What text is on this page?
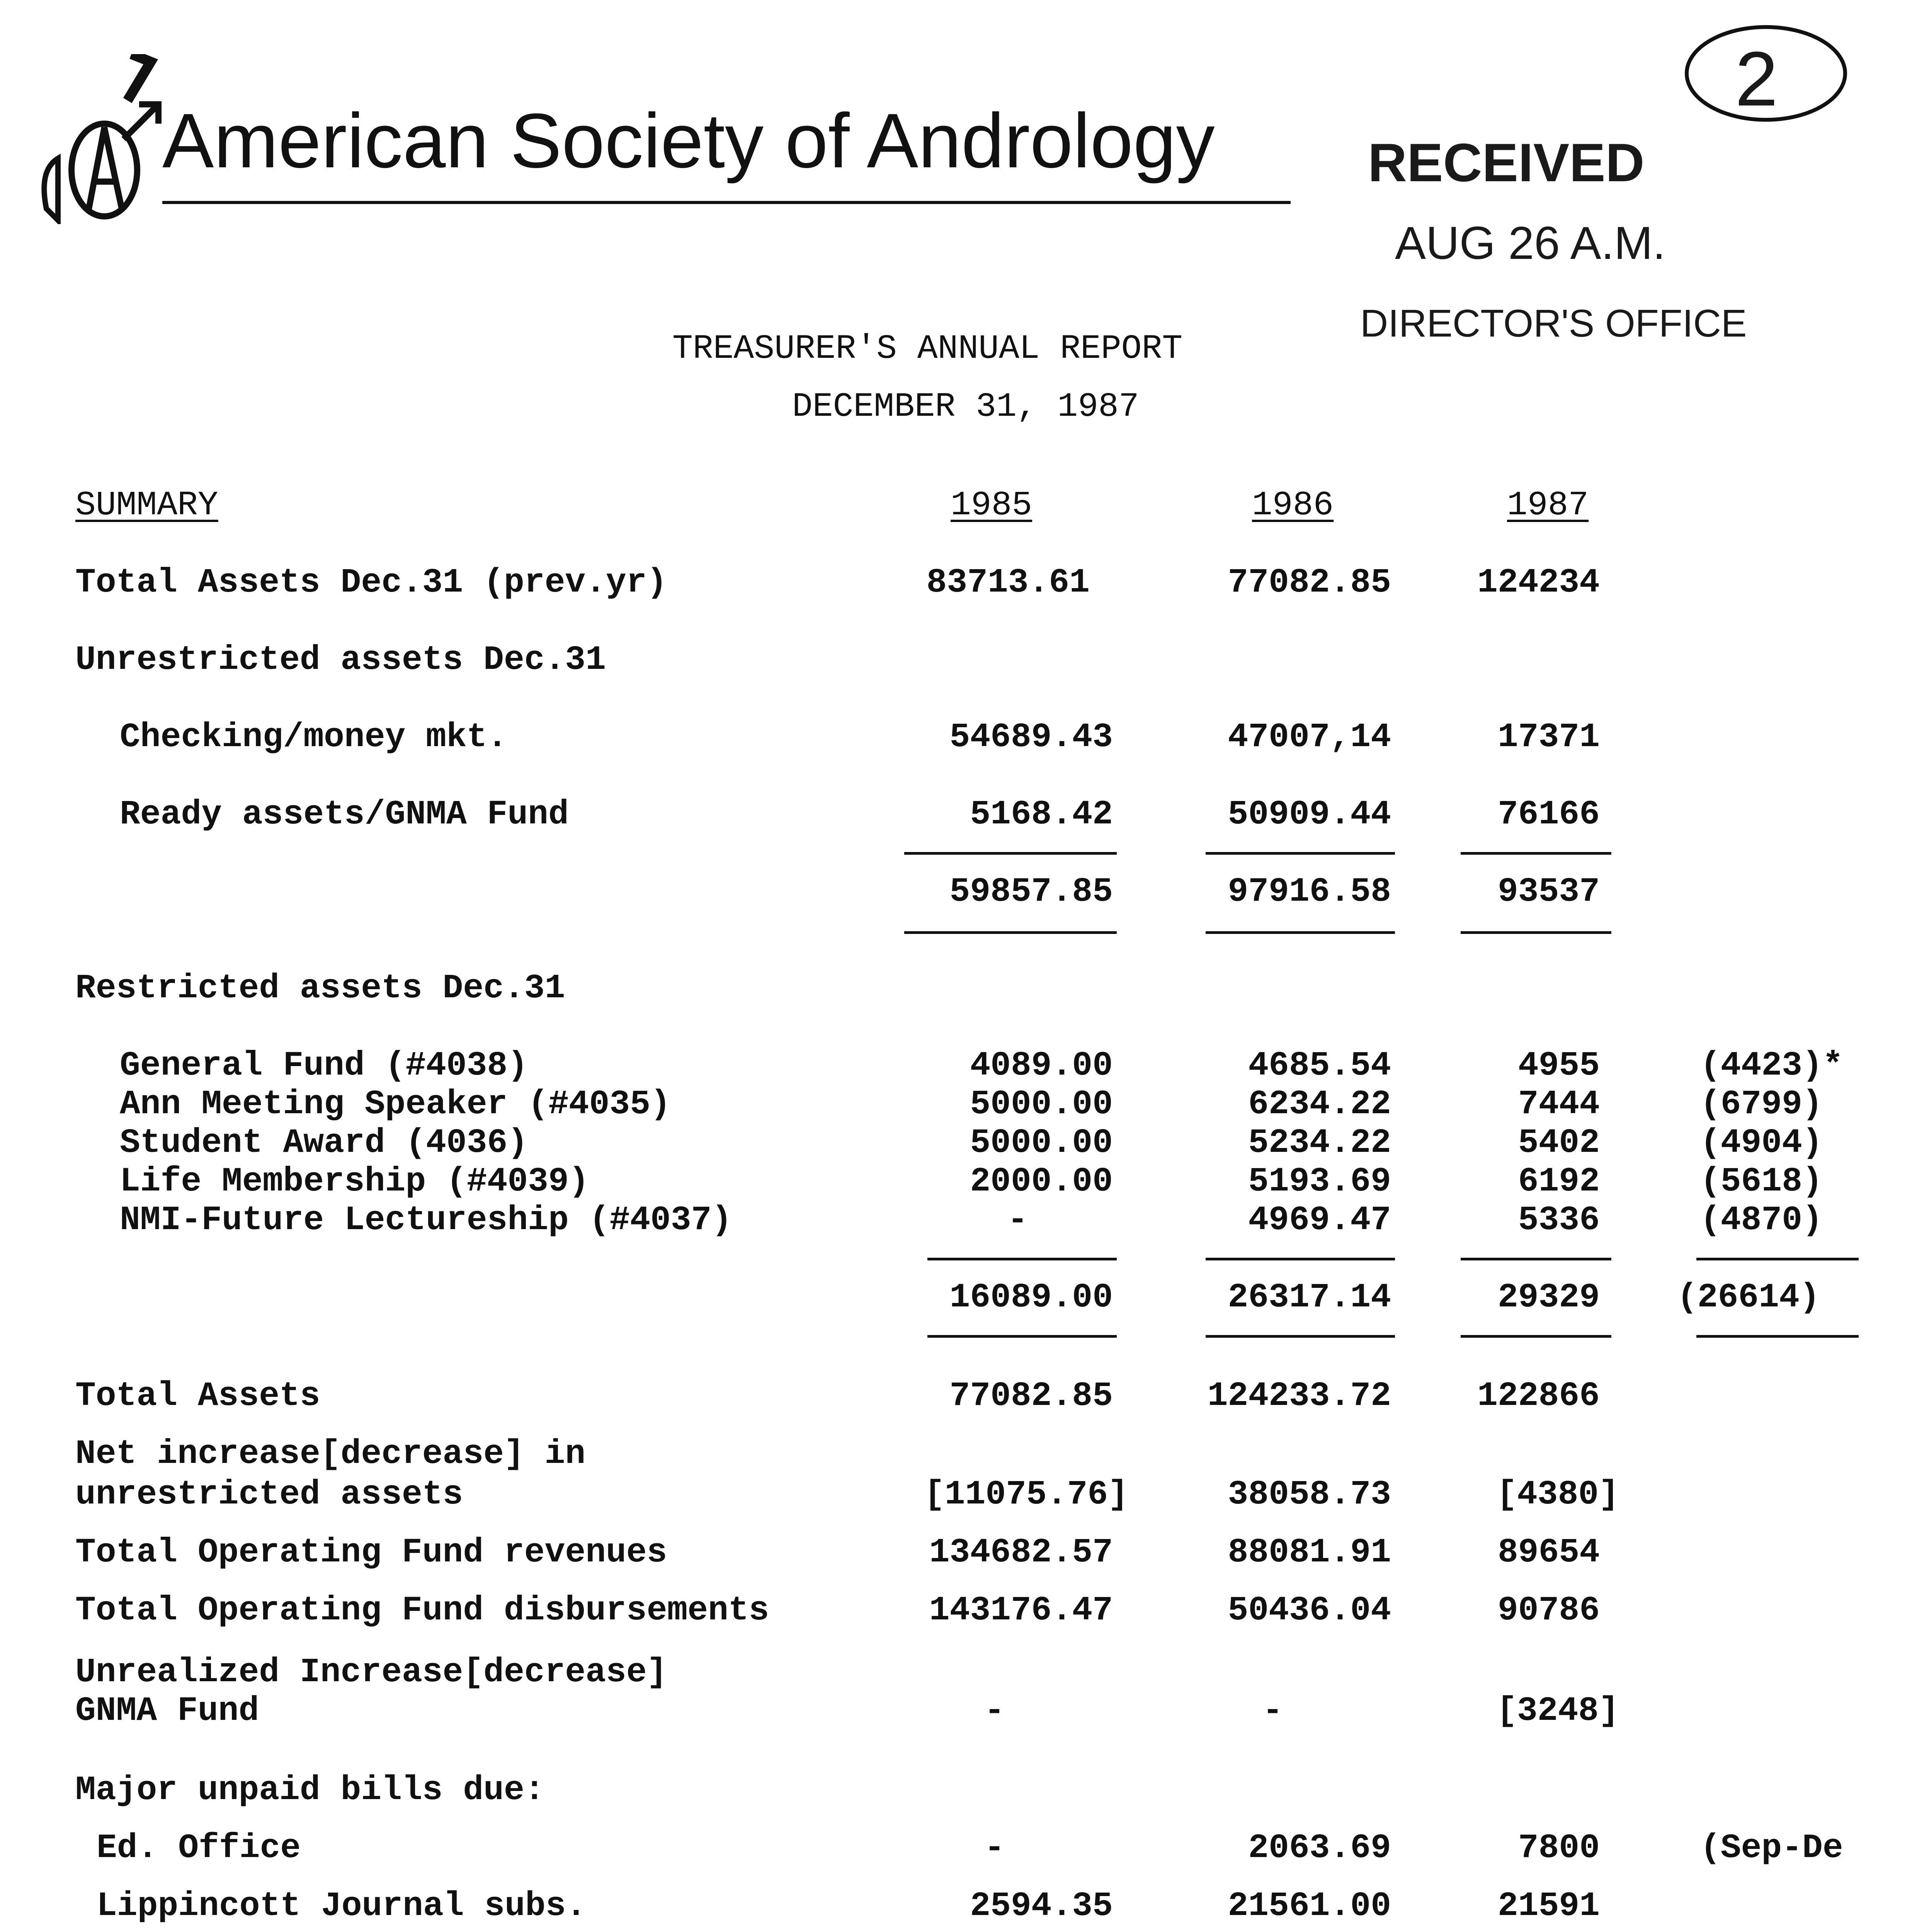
American Society of Andrology	RECEIVED
AUG 26 A.M.
DIRECTOR'S OFFICE
2
TREASURER'S ANNUAL REPORT
DECEMBER 31, 1987
SUMMARY	1985	1986	1987
Total Assets Dec.31 (prev.yr)	83713.61	77082.85	124234
Unrestricted assets Dec.31
Checking/money mkt.	54689.43	47007,14	17371
Ready assets/GNMA Fund	5168.42	50909.44	76166
59857.85	97916.58	93537
Restricted assets Dec.31
General Fund (#4038)	4089.00	4685.54	4955	(4423)*
Ann Meeting Speaker (#4035)	5000.00	6234.22	7444	(6799)
Student Award (4036)	5000.00	5234.22	5402	(4904)
Life Membership (#4039)	2000.00	5193.69	6192	(5618)
NMI-Future Lectureship (#4037)	-	4969.47	5336	(4870)
16089.00	26317.14	29329 (26614)
Total Assets	77082.85	124233.72	122866
Net increase[decrease] in
unrestricted assets	[11075.76]	38058.73	[4380]
Total Operating Fund revenues	134682.57	88081.91	89654
Total Operating Fund disbursements	143176.47	50436.04	90786
Unrealized Increase[decrease]
GNMA Fund	-	-	[3248]
Major unpaid bills due:
Ed. Office	-	2063.69	7800	(Sep-De
Lippincott Journal subs.	2594.35	21561.00	21591
